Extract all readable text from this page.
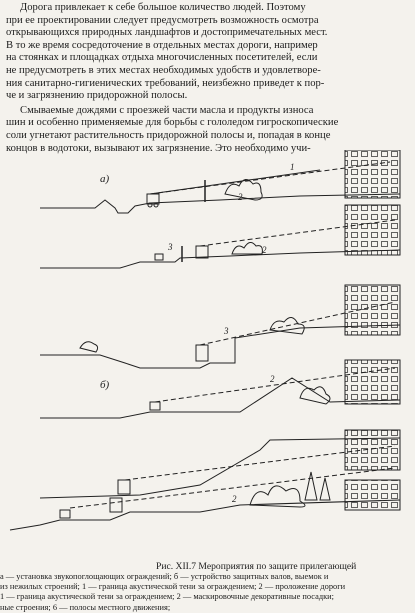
Дорога привлекает к себе большое количество людей. Поэтому
при ее проектировании следует предусмотреть возможность осмотра
открывающихся природных ландшафтов и достопримечательных мест.
В то же время сосредоточение в отдельных местах дороги, например
на стоянках и площадках отдыха многочисленных посетителей, если
не предусмотреть в этих местах необходимых удобств и удовлетворе-
ния санитарно-гигиенических требований, неизбежно приведет к пор-
че и загрязнению придорожной полосы.

Смываемые дождями с проезжей части масла и продукты износа
шин и особенно применяемые для борьбы с гололедом гигроскопические
соли угнетают растительность придорожной полосы и, попадая в конце
концов в водотоки, вызывают их загрязнение. Это необходимо учи-

а)
2
1
3	2
3
б)	2
2
Рис. XII.7 Мероприятия по защите прилегающей
а — установка звукопоглощающих ограждений; б — устройство защитных валов, выемок и
из нежилых строений; 1 — граница акустической тени за ограждением; 2 — проложение дороги
1 — граница акустической тени за ограждением; 2 — маскировочные декоративные посадки;
ные строения; 6 — полосы местного движения;
